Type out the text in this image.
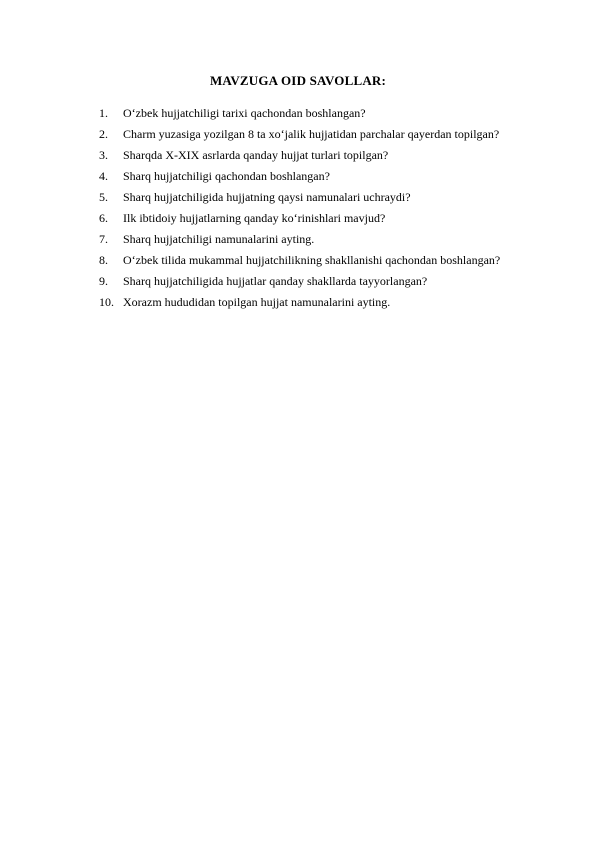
MAVZUGA OID SAVOLLAR:
1. O‘zbek hujjatchiligi tarixi qachondan boshlangan?
2. Charm yuzasiga yozilgan 8 ta xo‘jalik hujjatidan parchalar qayerdan topilgan?
3. Sharqda X-XIX asrlarda qanday hujjat turlari topilgan?
4. Sharq hujjatchiligi qachondan boshlangan?
5. Sharq hujjatchiligida hujjatning qaysi namunalari uchraydi?
6. Ilk ibtidoiy hujjatlarning qanday ko‘rinishlari mavjud?
7. Sharq hujjatchiligi namunalarini ayting.
8. O‘zbek tilida mukammal hujjatchilikning shakllanishi qachondan boshlangan?
9. Sharq hujjatchiligida hujjatlar qanday shakllarda tayyorlangan?
10. Xorazm hududidan topilgan hujjat namunalarini ayting.
